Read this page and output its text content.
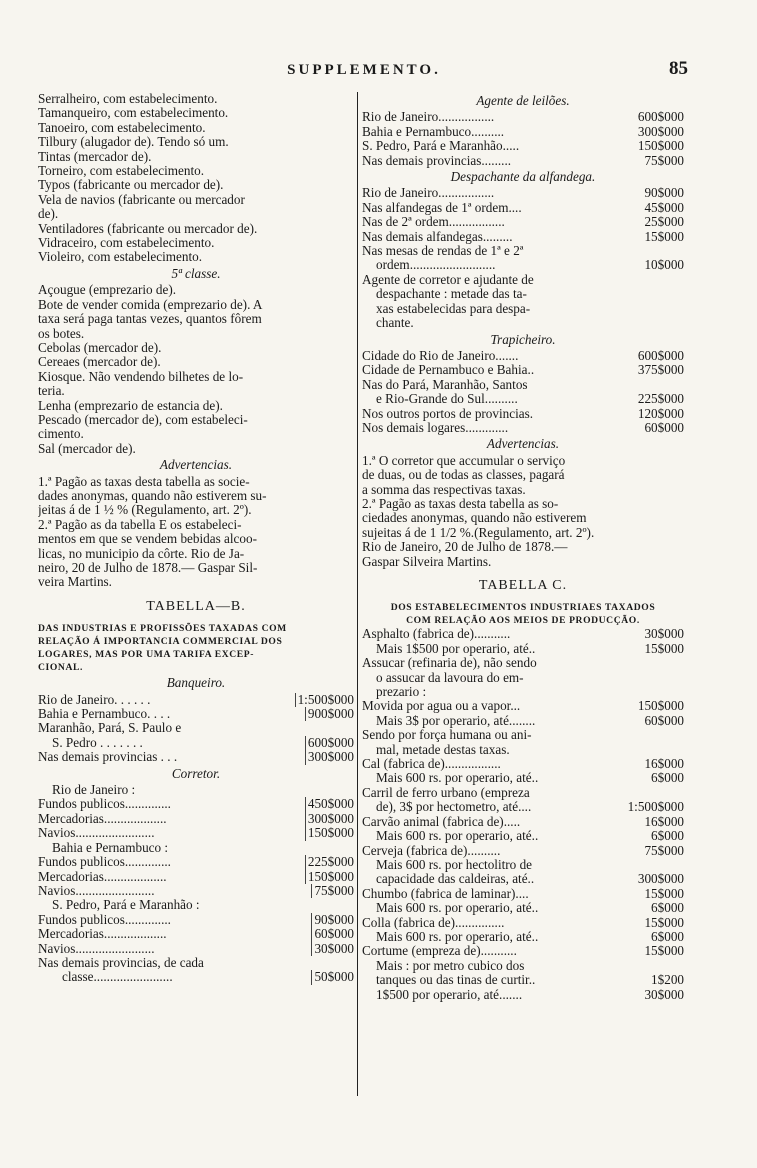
SUPPLEMENTO.	85
Serralheiro, com estabelecimento.
Tamanqueiro, com estabelecimento.
Tanoeiro, com estabelecimento.
Tilbury (alugador de). Tendo só um.
Tintas (mercador de).
Torneiro, com estabelecimento.
Typos (fabricante ou mercador de).
Vela de navios (fabricante ou mercador
de).
Ventiladores (fabricante ou mercador de).
Vidraceiro, com estabelecimento.
Violeiro, com estabelecimento.
5ª classe.
Açougue (emprezario de).
Bote de vender comida (emprezario de). A
taxa será paga tantas vezes, quantos fôrem
os botes.
Cebolas (mercador de).
Cereaes (mercador de).
Kiosque. Não vendendo bilhetes de lo-
teria.
Lenha (emprezario de estancia de).
Pescado (mercador de), com estabeleci-
cimento.
Sal (mercador de).
Advertencias.
1.ª Pagão as taxas desta tabella as socie-
dades anonymas, quando não estiverem su-
jeitas á de 1 ½ % (Regulamento, art. 2º).
2.ª Pagão as da tabella E os estabeleci-
mentos em que se vendem bebidas alcoo-
licas, no municipio da côrte. Rio de Ja-
neiro, 20 de Julho de 1878.— Gaspar Sil-
veira Martins.
TABELLA—B.
DAS INDUSTRIAS E PROFISSÕES TAXADAS COM
RELAÇÃO Á IMPORTANCIA COMMERCIAL DOS
LOGARES, MAS POR UMA TARIFA EXCEP-
CIONAL.
Banqueiro.
Rio de Janeiro. . . . . .	1:500$000
Bahia e Pernambuco. . . .	900$000
Maranhão, Pará, S. Paulo e
S. Pedro . . . . . . .	600$000
Nas demais provincias . . .	300$000
Corretor.
Rio de Janeiro :
Fundos publicos..............	450$000
Mercadorias...................	300$000
Navios........................	150$000
Bahia e Pernambuco :
Fundos publicos..............	225$000
Mercadorias...................	150$000
Navios........................	75$000
S. Pedro, Pará e Maranhão :
Fundos publicos..............	90$000
Mercadorias...................	60$000
Navios........................	30$000
Nas demais provincias, de cada
classe........................	50$000
Agente de leilões.
Rio de Janeiro.................	600$000
Bahia e Pernambuco..........	300$000
S. Pedro, Pará e Maranhão.....	150$000
Nas demais provincias.........	75$000
Despachante da alfandega.
Rio de Janeiro.................	90$000
Nas alfandegas de 1ª ordem....	45$000
Nas de 2ª ordem.................	25$000
Nas demais alfandegas.........	15$000
Nas mesas de rendas de 1ª e 2ª
ordem..........................	10$000
Agente de corretor e ajudante de
despachante : metade das ta-
xas estabelecidas para despa-
chante.
Trapicheiro.
Cidade do Rio de Janeiro.......	600$000
Cidade de Pernambuco e Bahia..	375$000
Nas do Pará, Maranhão, Santos
e Rio-Grande do Sul..........	225$000
Nos outros portos de provincias.	120$000
Nos demais logares.............	60$000
Advertencias.
1.ª O corretor que accumular o serviço
de duas, ou de todas as classes, pagará
a somma das respectivas taxas.
2.ª Pagão as taxas desta tabella as so-
ciedades anonymas, quando não estiverem
sujeitas á de 1 1/2 %.(Regulamento, art. 2º).
Rio de Janeiro, 20 de Julho de 1878.—
Gaspar Silveira Martins.
TABELLA C.
DOS ESTABELECIMENTOS INDUSTRIAES TAXADOS
COM RELAÇÃO AOS MEIOS DE PRODUCÇÃO.
Asphalto (fabrica de)...........	30$000
Mais 1$500 por operario, até..	15$000
Assucar (refinaria de), não sendo
o assucar da lavoura do em-
prezario :
Movida por agua ou a vapor...	150$000
Mais 3$ por operario, até........	60$000
Sendo por força humana ou ani-
mal, metade destas taxas.
Cal (fabrica de).................	16$000
Mais 600 rs. por operario, até..	6$000
Carril de ferro urbano (empreza
de), 3$ por hectometro, até....	1:500$000
Carvão animal (fabrica de).....	16$000
Mais 600 rs. por operario, até..	6$000
Cerveja (fabrica de)..........	75$000
Mais 600 rs. por hectolitro de
capacidade das caldeiras, até..	300$000
Chumbo (fabrica de laminar)....	15$000
Mais 600 rs. por operario, até..	6$000
Colla (fabrica de)...............	15$000
Mais 600 rs. por operario, até..	6$000
Cortume (empreza de)...........	15$000
Mais : por metro cubico dos
tanques ou das tinas de curtir..	1$200
1$500 por operario, até.......	30$000
